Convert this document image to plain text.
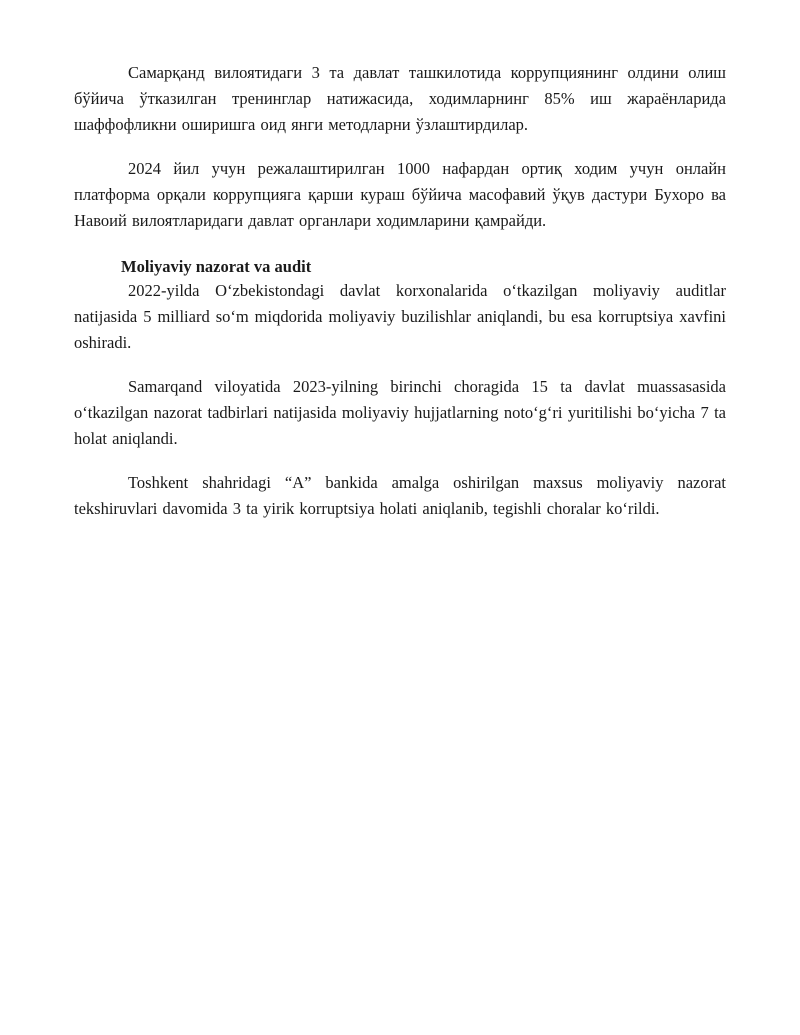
Самарқанд вилоятидаги 3 та давлат ташкилотида коррупциянинг олдини олиш бўйича ўтказилган тренинглар натижасида, ходимларнинг 85% иш жараёнларида шаффофликни оширишга оид янги методларни ўзлаштирдилар.

2024 йил учун режалаштирилган 1000 нафардан ортиқ ходим учун онлайн платформа орқали коррупцияга қарши кураш бўйича масофавий ўқув дастури Бухоро ва Навоий вилоятларидаги давлат органлари ходимларини қамрайди.

Moliyaviy nazorat va audit

2022-yilda O‘zbekistondagi davlat korxonalarida o‘tkazilgan moliyaviy auditlar natijasida 5 milliard so‘m miqdorida moliyaviy buzilishlar aniqlandi, bu esa korruptsiya xavfini oshiradi.

Samarqand viloyatida 2023-yilning birinchi choragida 15 ta davlat muassasasida o‘tkazilgan nazorat tadbirlari natijasida moliyaviy hujjatlarning noto‘g‘ri yuritilishi bo‘yicha 7 ta holat aniqlandi.

Toshkent shahridagi “A” bankida amalga oshirilgan maxsus moliyaviy nazorat tekshiruvlari davomida 3 ta yirik korruptsiya holati aniqlanib, tegishli choralar ko‘rildi.
